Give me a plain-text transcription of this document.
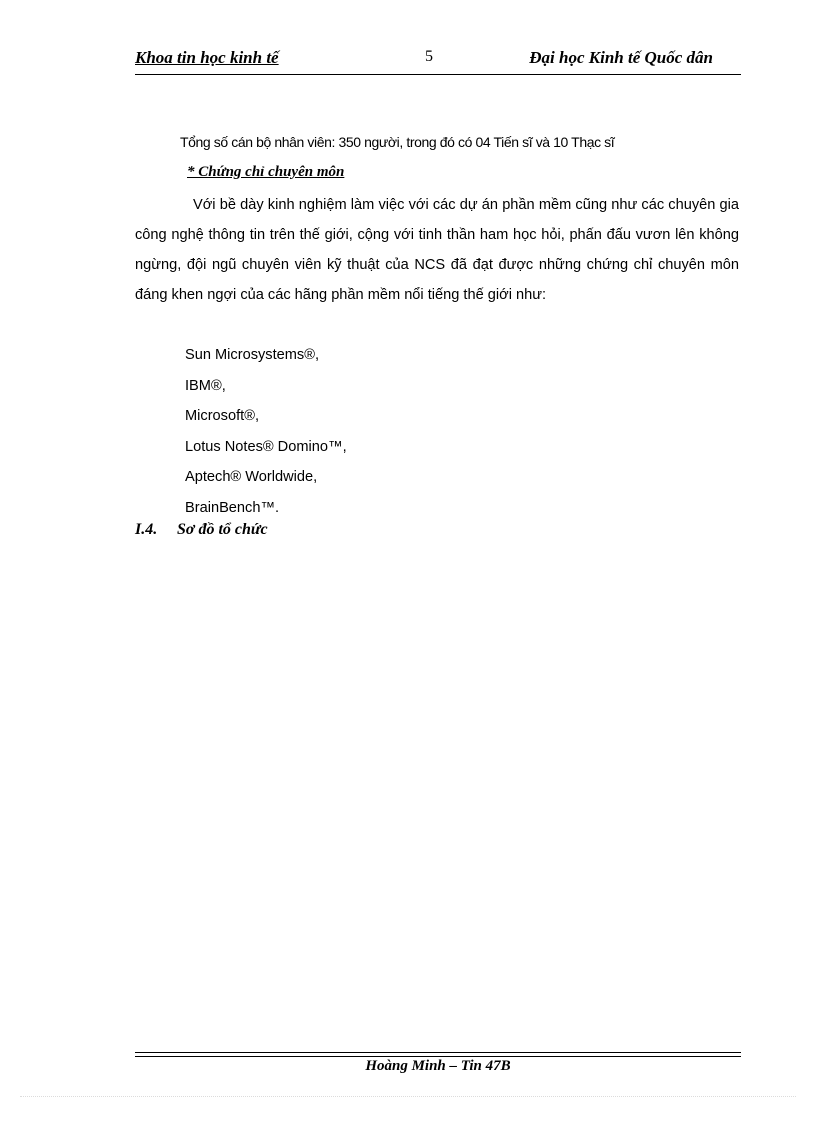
Khoa tin học kinh tế	5	Đại học Kinh tế Quốc dân
Tổng số cán bộ nhân viên: 350 người, trong đó có 04 Tiến sĩ và 10 Thạc sĩ
* Chứng chỉ chuyên môn
Với bề dày kinh nghiệm làm việc với các dự án phần mềm cũng như các chuyên gia công nghệ thông tin trên thế giới, cộng với tinh thần ham học hỏi, phấn đấu vươn lên không ngừng, đội ngũ chuyên viên kỹ thuật của NCS đã đạt được những chứng chỉ chuyên môn đáng khen ngợi của các hãng phần mềm nổi tiếng thế giới như:
Sun Microsystems®,
IBM®,
Microsoft®,
Lotus Notes® Domino™,
Aptech® Worldwide,
BrainBench™.
I.4. Sơ đồ tổ chức
Hoàng Minh – Tin 47B
